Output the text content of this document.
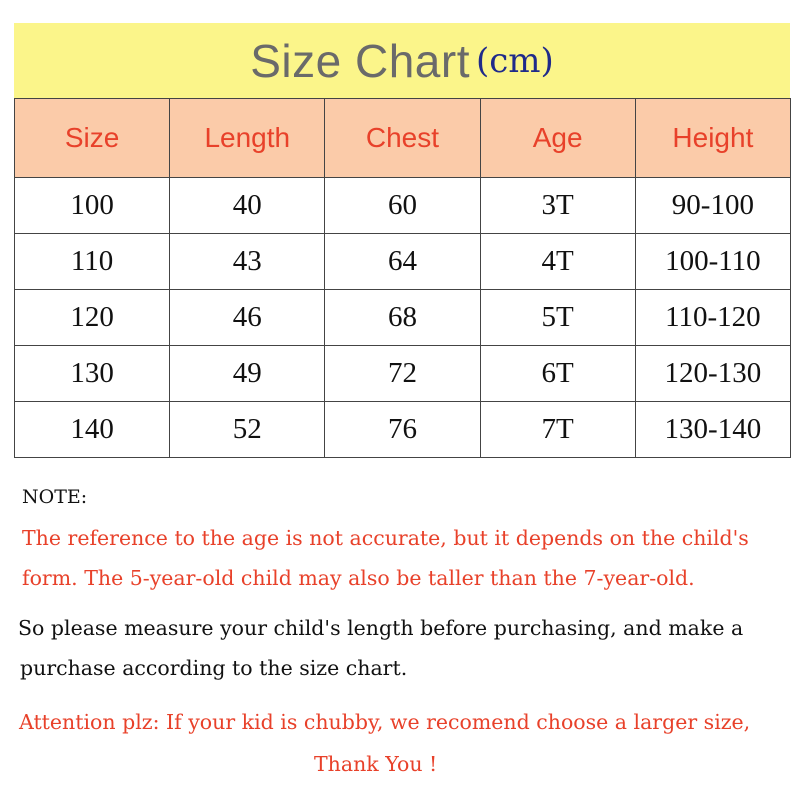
Size Chart (cm)
Size	Length	Chest	Age	Height
100	40	60	3T	90-100
110	43	64	4T	100-110
120	46	68	5T	110-120
130	49	72	6T	120-130
140	52	76	7T	130-140
NOTE:
The reference to the age is not accurate, but it depends on the child's
form. The 5-year-old child may also be taller than the 7-year-old.
So please measure your child's length before purchasing, and make a
purchase according to the size chart.
Attention plz: If your kid is chubby, we recomend choose a larger size,
Thank You !
